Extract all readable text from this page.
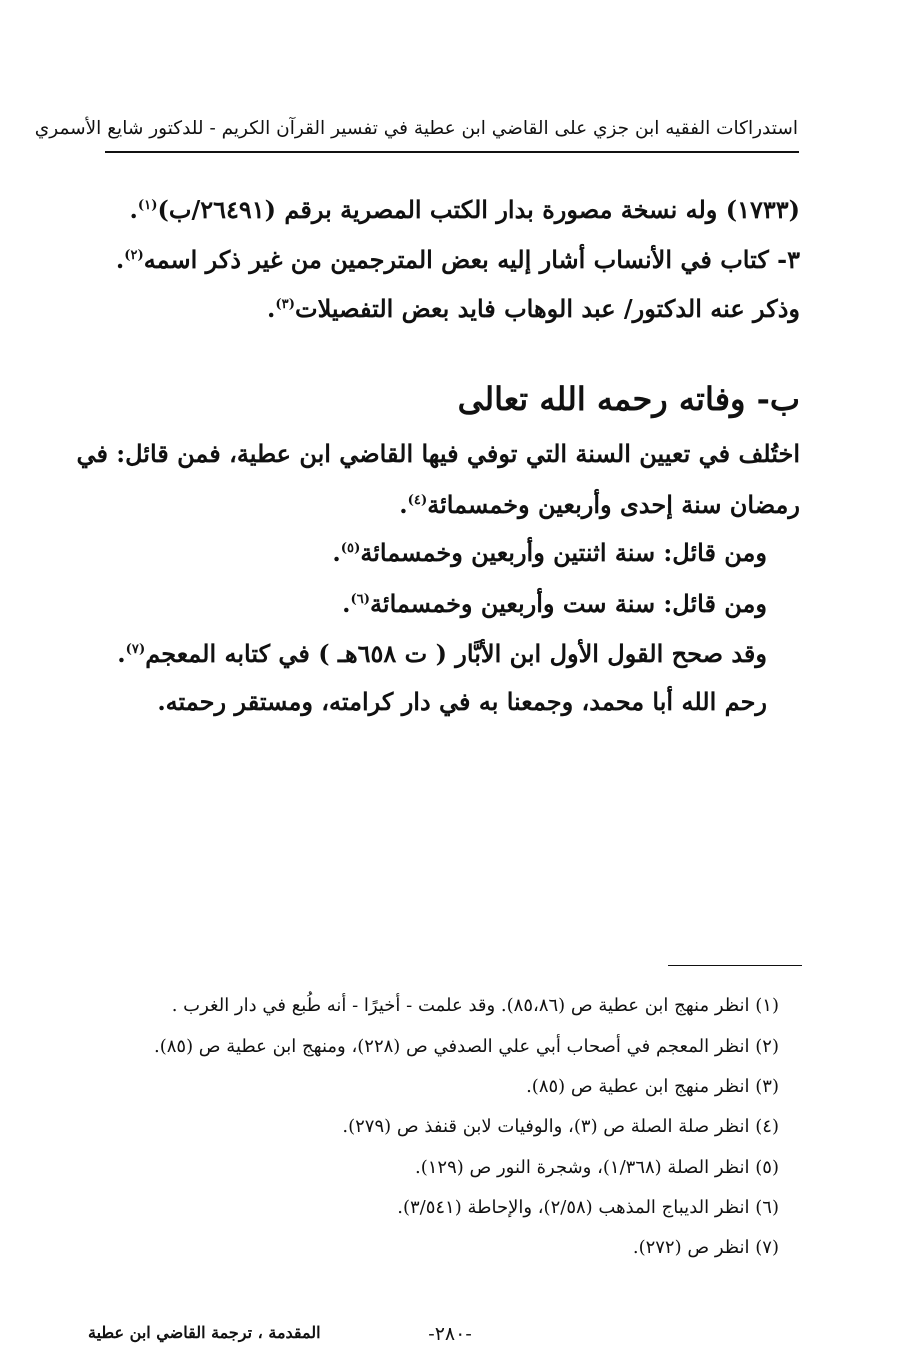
استدراكات الفقيه ابن جزي على القاضي ابن عطية في تفسير القرآن الكريم - للدكتور شايع الأسمري
(١٧٣٣) وله نسخة مصورة بدار الكتب المصرية برقم (٢٦٤٩١/ب)$^{(١)}$.
٣- كتاب في الأنساب أشار إليه بعض المترجمين من غير ذكر اسمه$^{(٢)}$.
وذكر عنه الدكتور/ عبد الوهاب فايد بعض التفصيلات$^{(٣)}$.
ب- وفاته رحمه الله تعالى
اختُلف في تعيين السنة التي توفي فيها القاضي ابن عطية، فمن قائل: في
رمضان سنة إحدى وأربعين وخمسمائة$^{(٤)}$.
ومن قائل: سنة اثنتين وأربعين وخمسمائة$^{(٥)}$.
ومن قائل: سنة ست وأربعين وخمسمائة$^{(٦)}$.
وقد صحح القول الأول ابن الأبَّار ( ت ٦٥٨هـ ) في كتابه المعجم$^{(٧)}$.
رحم الله أبا محمد، وجمعنا به في دار كرامته، ومستقر رحمته.
(١) انظر منهج ابن عطية ص (٨٥،٨٦). وقد علمت - أخيرًا - أنه طُبع في دار الغرب .
(٢) انظر المعجم في أصحاب أبي علي الصدفي ص (٢٢٨)، ومنهج ابن عطية ص (٨٥).
(٣) انظر منهج ابن عطية ص (٨٥).
(٤) انظر صلة الصلة ص (٣)، والوفيات لابن قنفذ ص (٢٧٩).
(٥) انظر الصلة (١/٣٦٨)، وشجرة النور ص (١٢٩).
(٦) انظر الديباج المذهب (٢/٥٨)، والإحاطة (٣/٥٤١).
(٧) انظر ص (٢٧٢).
المقدمة ، ترجمة القاضي ابن عطية	-٢٨٠-
